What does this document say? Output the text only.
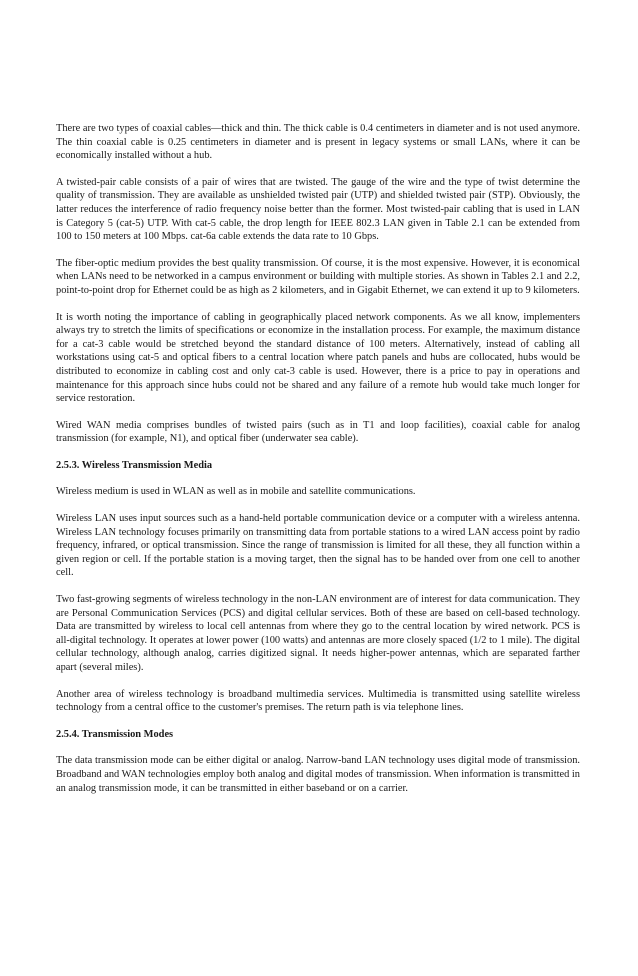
There are two types of coaxial cables—thick and thin. The thick cable is 0.4 centimeters in diameter and is not used anymore. The thin coaxial cable is 0.25 centimeters in diameter and is present in legacy systems or small LANs, where it can be economically installed without a hub.

A twisted-pair cable consists of a pair of wires that are twisted. The gauge of the wire and the type of twist determine the quality of transmission. They are available as unshielded twisted pair (UTP) and shielded twisted pair (STP). Obviously, the latter reduces the interference of radio frequency noise better than the former. Most twisted-pair cabling that is used in LAN is Category 5 (cat-5) UTP. With cat-5 cable, the drop length for IEEE 802.3 LAN given in Table 2.1 can be extended from 100 to 150 meters at 100 Mbps. cat-6a cable extends the data rate to 10 Gbps.

The fiber-optic medium provides the best quality transmission. Of course, it is the most expensive. However, it is economical when LANs need to be networked in a campus environment or building with multiple stories. As shown in Tables 2.1 and 2.2, point-to-point drop for Ethernet could be as high as 2 kilometers, and in Gigabit Ethernet, we can extend it up to 9 kilometers.

It is worth noting the importance of cabling in geographically placed network components. As we all know, implementers always try to stretch the limits of specifications or economize in the installation process. For example, the maximum distance for a cat-3 cable would be stretched beyond the standard distance of 100 meters. Alternatively, instead of cabling all workstations using cat-5 and optical fibers to a central location where patch panels and hubs are collocated, hubs would be distributed to economize in cabling cost and only cat-3 cable is used. However, there is a price to pay in operations and maintenance for this approach since hubs could not be shared and any failure of a remote hub would take much longer for service restoration.

Wired WAN media comprises bundles of twisted pairs (such as in T1 and loop facilities), coaxial cable for analog transmission (for example, N1), and optical fiber (underwater sea cable).

2.5.3. Wireless Transmission Media

Wireless medium is used in WLAN as well as in mobile and satellite communications.

Wireless LAN uses input sources such as a hand-held portable communication device or a computer with a wireless antenna. Wireless LAN technology focuses primarily on transmitting data from portable stations to a wired LAN access point by radio frequency, infrared, or optical transmission. Since the range of transmission is limited for all these, they all function within a given region or cell. If the portable station is a moving target, then the signal has to be handed over from one cell to another cell.

Two fast-growing segments of wireless technology in the non-LAN environment are of interest for data communication. They are Personal Communication Services (PCS) and digital cellular services. Both of these are based on cell-based technology. Data are transmitted by wireless to local cell antennas from where they go to the central location by wired network. PCS is all-digital technology. It operates at lower power (100 watts) and antennas are more closely spaced (1/2 to 1 mile). The digital cellular technology, although analog, carries digitized signal. It needs higher-power antennas, which are separated farther apart (several miles).

Another area of wireless technology is broadband multimedia services. Multimedia is transmitted using satellite wireless technology from a central office to the customer's premises. The return path is via telephone lines.

2.5.4. Transmission Modes

The data transmission mode can be either digital or analog. Narrow-band LAN technology uses digital mode of transmission. Broadband and WAN technologies employ both analog and digital modes of transmission. When information is transmitted in an analog transmission mode, it can be transmitted in either baseband or on a carrier.
